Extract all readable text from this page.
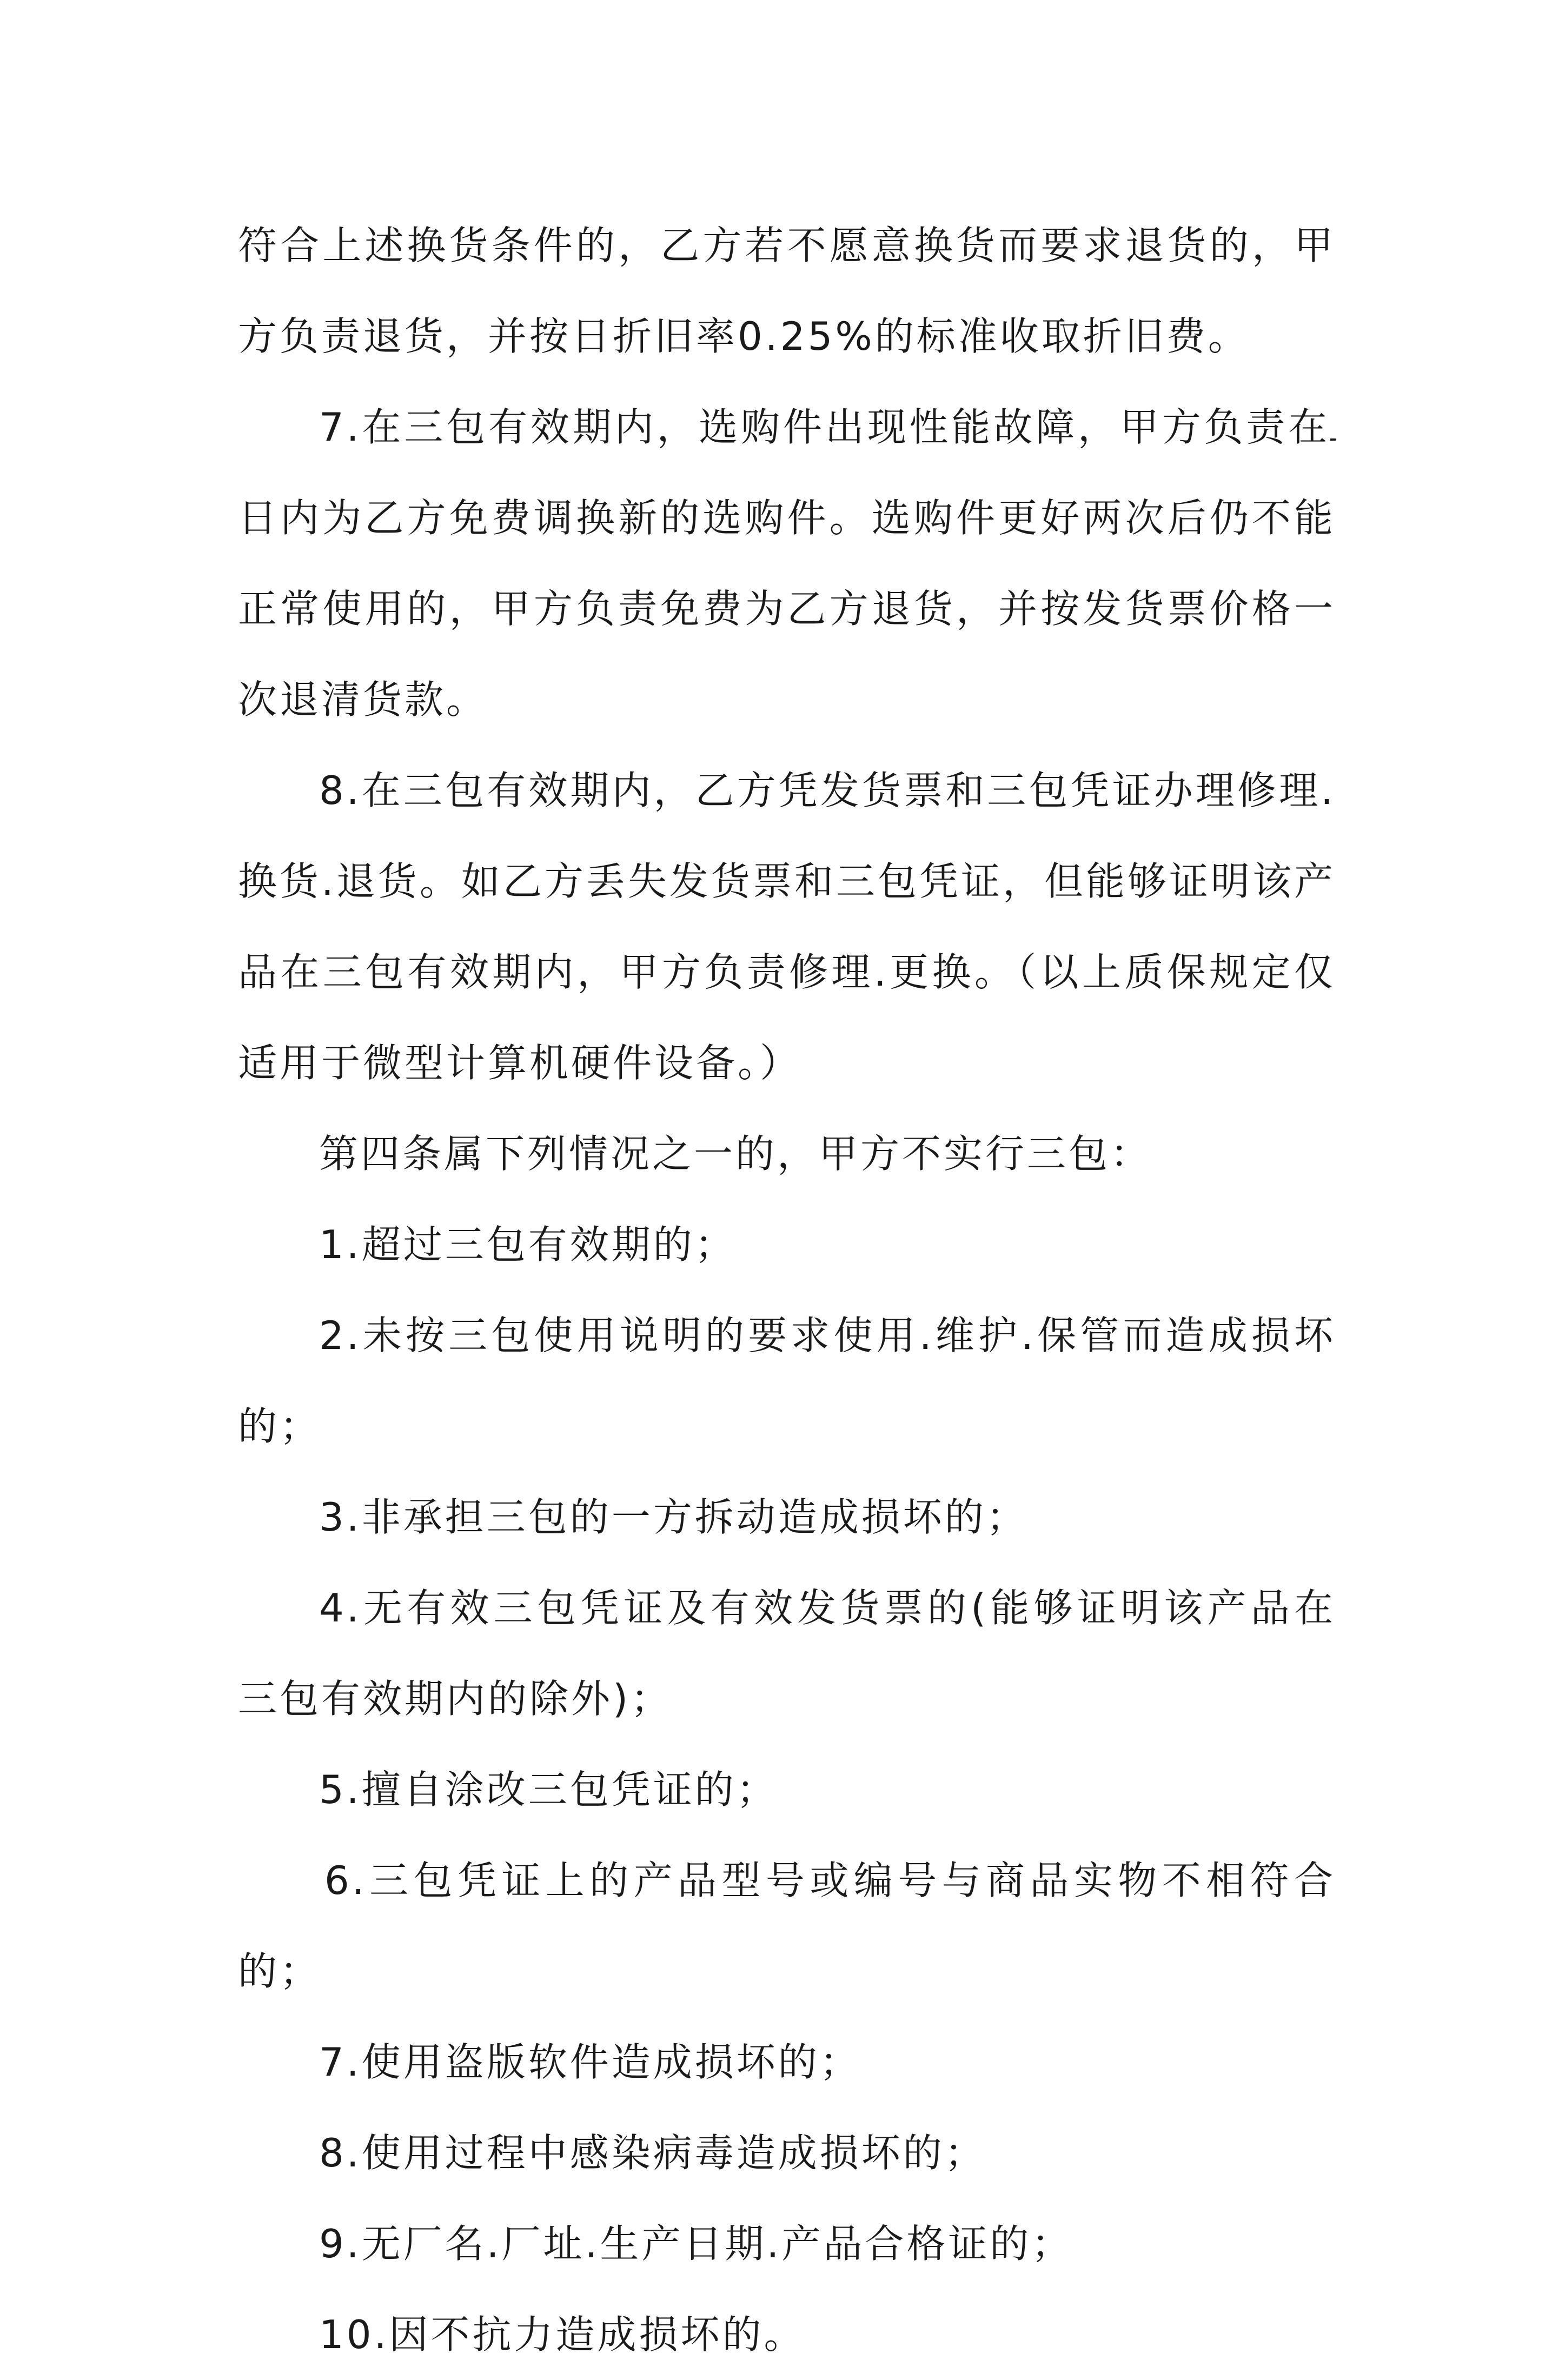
符合上述换货条件的，乙方若不愿意换货而要求退货的，甲方负责退货，并按日折旧率0.25%的标准收取折旧费。

7.在三包有效期内，选购件出现性能故障，甲方负责在日内为乙方免费调换新的选购件。选购件更好两次后仍不能正常使用的，甲方负责免费为乙方退货，并按发货票价格一次退清货款。

8.在三包有效期内，乙方凭发货票和三包凭证办理修理.换货.退货。如乙方丢失发货票和三包凭证，但能够证明该产品在三包有效期内，甲方负责修理.更换。（以上质保规定仅适用于微型计算机硬件设备。）

第四条属下列情况之一的，甲方不实行三包：

1.超过三包有效期的；

2.未按三包使用说明的要求使用.维护.保管而造成损坏的；

3.非承担三包的一方拆动造成损坏的；

4.无有效三包凭证及有效发货票的(能够证明该产品在三包有效期内的除外)；

5.擅自涂改三包凭证的；

6.三包凭证上的产品型号或编号与商品实物不相符合的；

7.使用盗版软件造成损坏的；

8.使用过程中感染病毒造成损坏的；

9.无厂名.厂址.生产日期.产品合格证的；

10.因不抗力造成损坏的。
